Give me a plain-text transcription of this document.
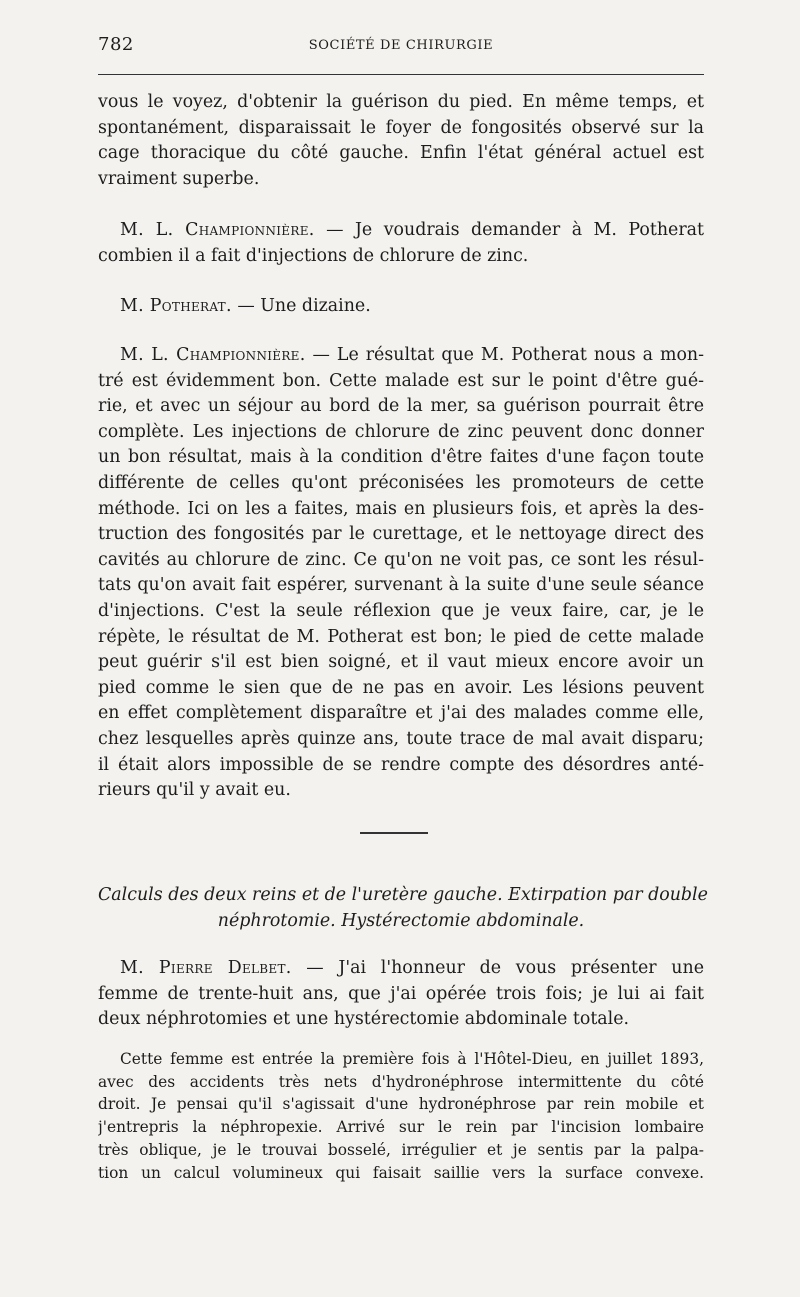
782	SOCIÉTÉ DE CHIRURGIE
vous le voyez, d'obtenir la guérison du pied. En même temps, et
spontanément, disparaissait le foyer de fongosités observé sur la
cage thoracique du côté gauche. Enfin l'état général actuel est
vraiment superbe.
M. L. Championnière. — Je voudrais demander à M. Potherat
combien il a fait d'injections de chlorure de zinc.
M. Potherat. — Une dizaine.
M. L. Championnière. — Le résultat que M. Potherat nous a mon-
tré est évidemment bon. Cette malade est sur le point d'être gué-
rie, et avec un séjour au bord de la mer, sa guérison pourrait être
complète. Les injections de chlorure de zinc peuvent donc donner
un bon résultat, mais à la condition d'être faites d'une façon toute
différente de celles qu'ont préconisées les promoteurs de cette
méthode. Ici on les a faites, mais en plusieurs fois, et après la des-
truction des fongosités par le curettage, et le nettoyage direct des
cavités au chlorure de zinc. Ce qu'on ne voit pas, ce sont les résul-
tats qu'on avait fait espérer, survenant à la suite d'une seule séance
d'injections. C'est la seule réflexion que je veux faire, car, je le
répète, le résultat de M. Potherat est bon; le pied de cette malade
peut guérir s'il est bien soigné, et il vaut mieux encore avoir un
pied comme le sien que de ne pas en avoir. Les lésions peuvent
en effet complètement disparaître et j'ai des malades comme elle,
chez lesquelles après quinze ans, toute trace de mal avait disparu;
il était alors impossible de se rendre compte des désordres anté-
rieurs qu'il y avait eu.
Calculs des deux reins et de l'uretère gauche. Extirpation par double
néphrotomie. Hystérectomie abdominale.
M. Pierre Delbet. — J'ai l'honneur de vous présenter une
femme de trente-huit ans, que j'ai opérée trois fois; je lui ai fait
deux néphrotomies et une hystérectomie abdominale totale.
Cette femme est entrée la première fois à l'Hôtel-Dieu, en juillet 1893,
avec des accidents très nets d'hydronéphrose intermittente du côté
droit. Je pensai qu'il s'agissait d'une hydronéphrose par rein mobile et
j'entrepris la néphropexie. Arrivé sur le rein par l'incision lombaire
très oblique, je le trouvai bosselé, irrégulier et je sentis par la palpa-
tion un calcul volumineux qui faisait saillie vers la surface convexe.
